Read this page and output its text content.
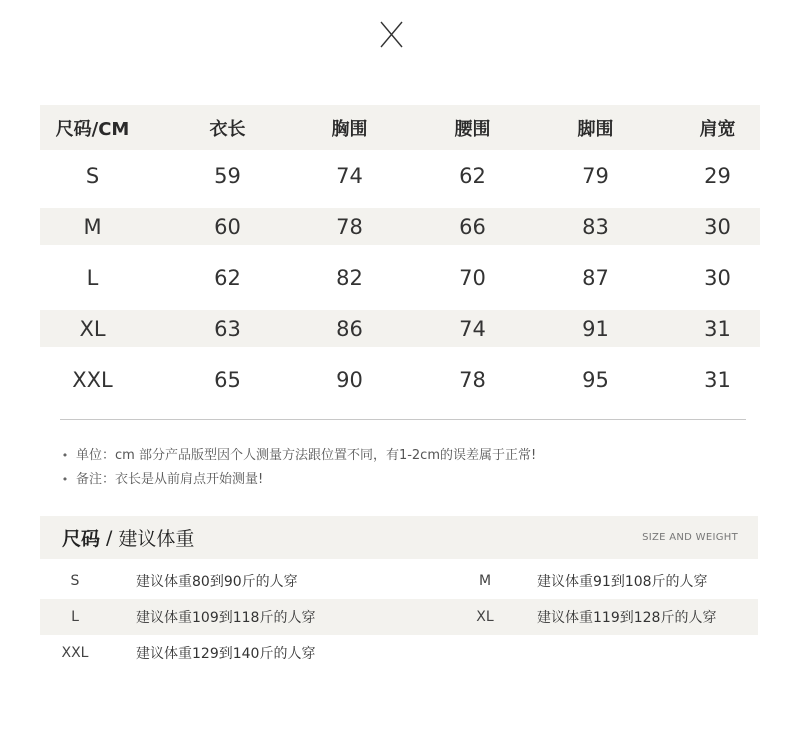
尺码/CM	衣长	胸围	腰围	脚围	肩宽
S	59	74	62	79	29
M	60	78	66	83	30
L	62	82	70	87	30
XL	63	86	74	91	31
XXL	65	90	78	95	31
• 单位：cm 部分产品版型因个人测量方法跟位置不同，有1-2cm的误差属于正常!
• 备注：衣长是从前肩点开始测量!
尺码 / 建议体重	SIZE AND WEIGHT
S	建议体重80到90斤的人穿	M	建议体重91到108斤的人穿
L	建议体重109到118斤的人穿	XL	建议体重119到128斤的人穿
XXL	建议体重129到140斤的人穿
